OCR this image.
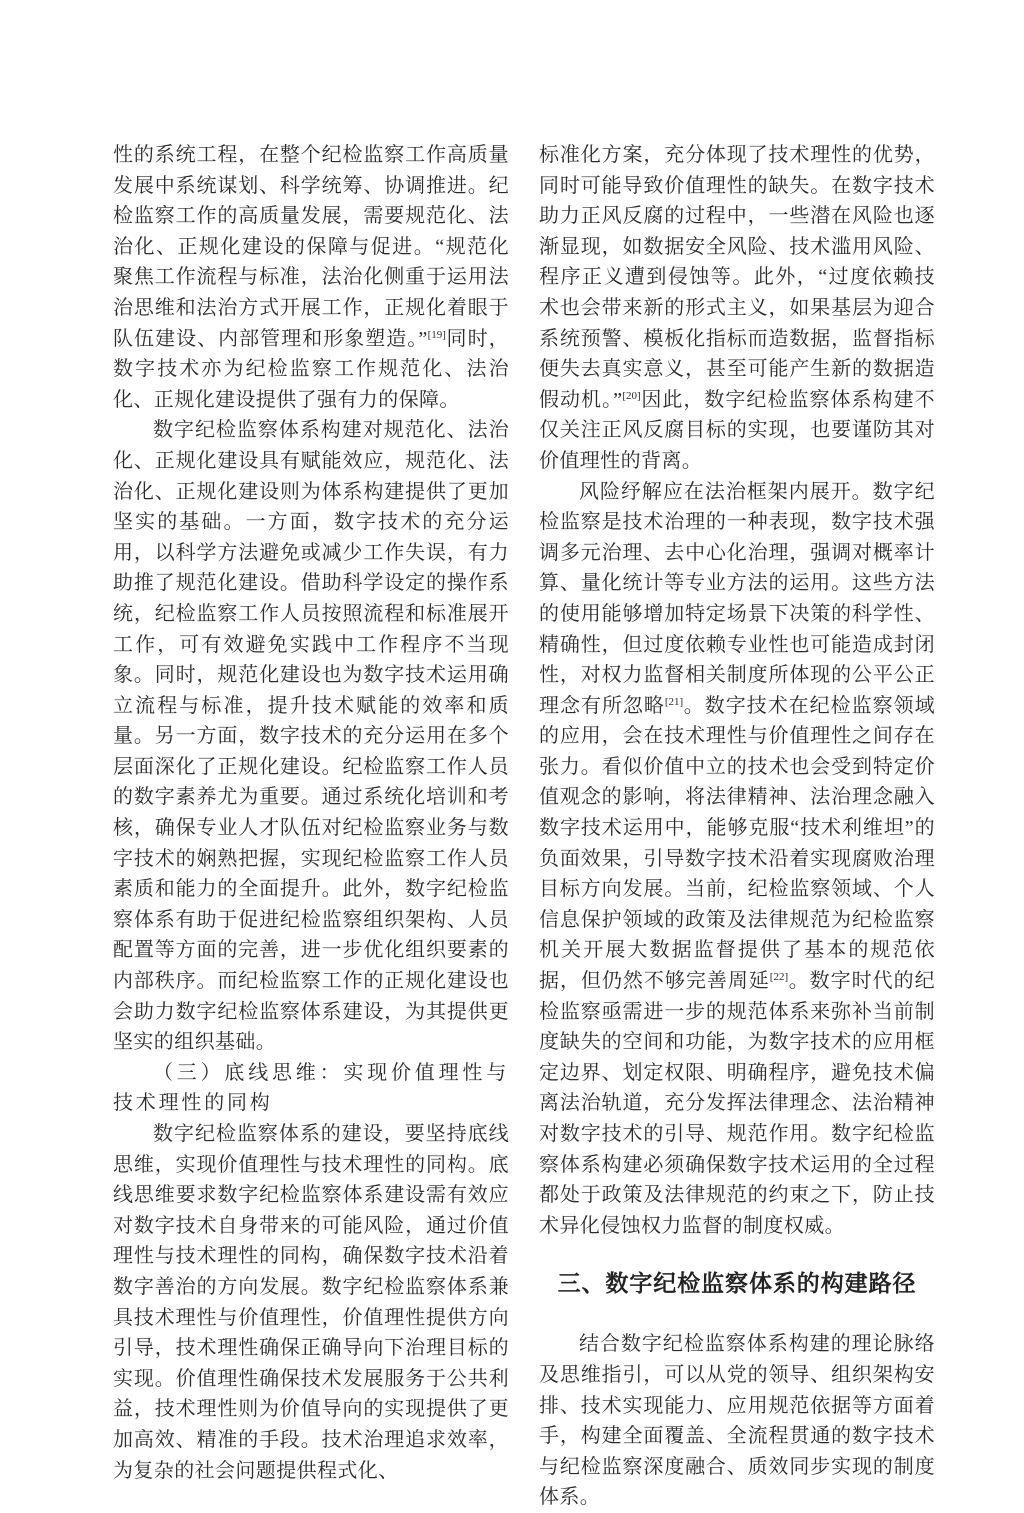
性的系统工程，在整个纪检监察工作高质量发展中系统谋划、科学统筹、协调推进。纪检监察工作的高质量发展，需要规范化、法治化、正规化建设的保障与促进。“规范化聚焦工作流程与标准，法治化侧重于运用法治思维和法治方式开展工作，正规化着眼于队伍建设、内部管理和形象塑造。”[19]同时，数字技术亦为纪检监察工作规范化、法治化、正规化建设提供了强有力的保障。

数字纪检监察体系构建对规范化、法治化、正规化建设具有赋能效应，规范化、法治化、正规化建设则为体系构建提供了更加坚实的基础。一方面，数字技术的充分运用，以科学方法避免或减少工作失误，有力助推了规范化建设。借助科学设定的操作系统，纪检监察工作人员按照流程和标准展开工作，可有效避免实践中工作程序不当现象。同时，规范化建设也为数字技术运用确立流程与标准，提升技术赋能的效率和质量。另一方面，数字技术的充分运用在多个层面深化了正规化建设。纪检监察工作人员的数字素养尤为重要。通过系统化培训和考核，确保专业人才队伍对纪检监察业务与数字技术的娴熟把握，实现纪检监察工作人员素质和能力的全面提升。此外，数字纪检监察体系有助于促进纪检监察组织架构、人员配置等方面的完善，进一步优化组织要素的内部秩序。而纪检监察工作的正规化建设也会助力数字纪检监察体系建设，为其提供更坚实的组织基础。

（三）底线思维：实现价值理性与技术理性的同构

数字纪检监察体系的建设，要坚持底线思维，实现价值理性与技术理性的同构。底线思维要求数字纪检监察体系建设需有效应对数字技术自身带来的可能风险，通过价值理性与技术理性的同构，确保数字技术沿着数字善治的方向发展。数字纪检监察体系兼具技术理性与价值理性，价值理性提供方向引导，技术理性确保正确导向下治理目标的实现。价值理性确保技术发展服务于公共利益，技术理性则为价值导向的实现提供了更加高效、精准的手段。技术治理追求效率，为复杂的社会问题提供程式化、

标准化方案，充分体现了技术理性的优势，同时可能导致价值理性的缺失。在数字技术助力正风反腐的过程中，一些潜在风险也逐渐显现，如数据安全风险、技术滥用风险、程序正义遭到侵蚀等。此外，“过度依赖技术也会带来新的形式主义，如果基层为迎合系统预警、模板化指标而造数据，监督指标便失去真实意义，甚至可能产生新的数据造假动机。”[20]因此，数字纪检监察体系构建不仅关注正风反腐目标的实现，也要谨防其对价值理性的背离。

风险纾解应在法治框架内展开。数字纪检监察是技术治理的一种表现，数字技术强调多元治理、去中心化治理，强调对概率计算、量化统计等专业方法的运用。这些方法的使用能够增加特定场景下决策的科学性、精确性，但过度依赖专业性也可能造成封闭性，对权力监督相关制度所体现的公平公正理念有所忽略[21]。数字技术在纪检监察领域的应用，会在技术理性与价值理性之间存在张力。看似价值中立的技术也会受到特定价值观念的影响，将法律精神、法治理念融入数字技术运用中，能够克服“技术利维坦”的负面效果，引导数字技术沿着实现腐败治理目标方向发展。当前，纪检监察领域、个人信息保护领域的政策及法律规范为纪检监察机关开展大数据监督提供了基本的规范依据，但仍然不够完善周延[22]。数字时代的纪检监察亟需进一步的规范体系来弥补当前制度缺失的空间和功能，为数字技术的应用框定边界、划定权限、明确程序，避免技术偏离法治轨道，充分发挥法律理念、法治精神对数字技术的引导、规范作用。数字纪检监察体系构建必须确保数字技术运用的全过程都处于政策及法律规范的约束之下，防止技术异化侵蚀权力监督的制度权威。

三、数字纪检监察体系的构建路径

结合数字纪检监察体系构建的理论脉络及思维指引，可以从党的领导、组织架构安排、技术实现能力、应用规范依据等方面着手，构建全面覆盖、全流程贯通的数字技术与纪检监察深度融合、质效同步实现的制度体系。
